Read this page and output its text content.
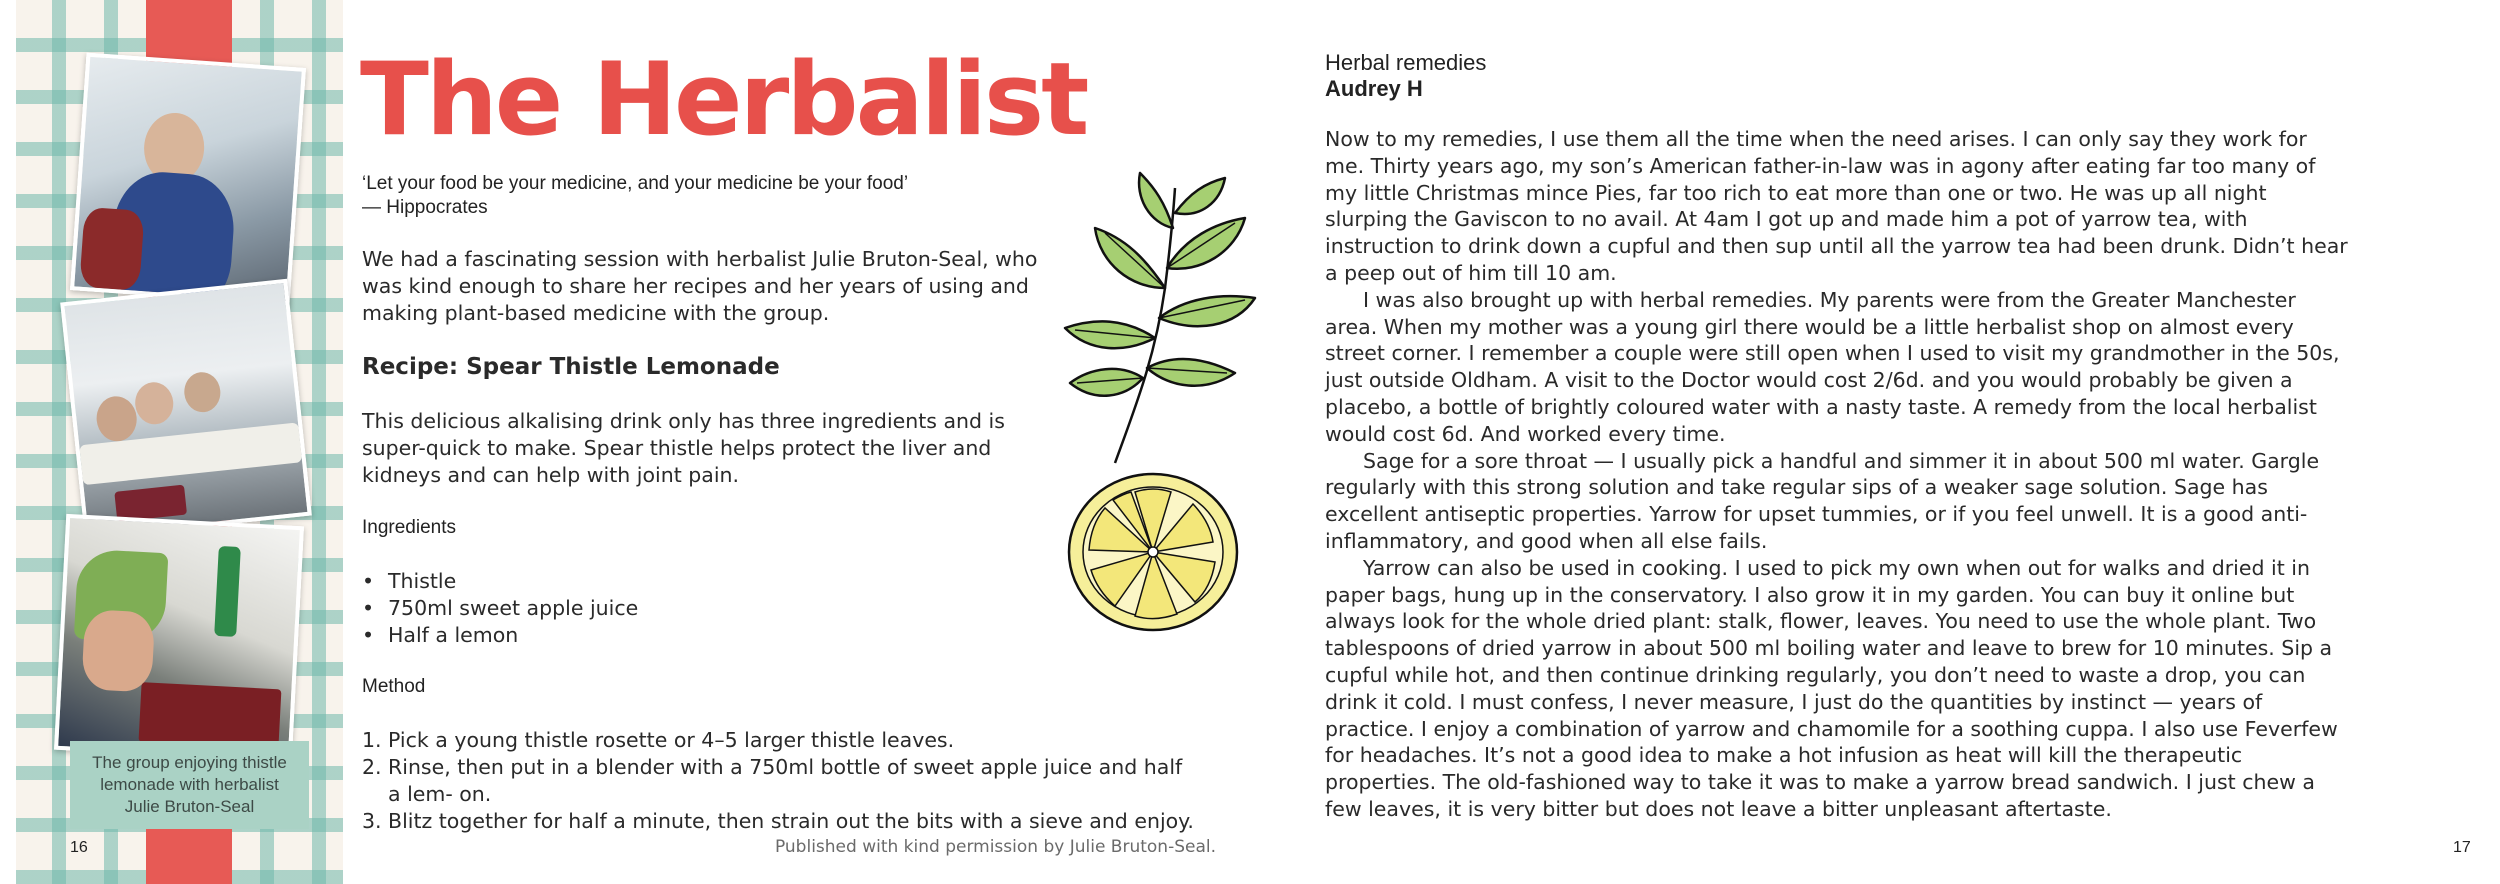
The group enjoying thistle lemonade with herbalist Julie Bruton-Seal
16
The Herbalist
‘Let your food be your medicine, and your medicine be your food’
— Hippocrates

We had a fascinating session with herbalist Julie Bruton-Seal, who was kind enough to share her recipes and her years of using and making plant-based medicine with the group.

Recipe: Spear Thistle Lemonade

This delicious alkalising drink only has three ingredients and is super-quick to make. Spear thistle helps protect the liver and kidneys and can help with joint pain.

Ingredients
• Thistle
• 750ml sweet apple juice
• Half a lemon
Method
1. Pick a young thistle rosette or 4–5 larger thistle leaves.
2. Rinse, then put in a blender with a 750ml bottle of sweet apple juice and half a lem- on.
3. Blitz together for half a minute, then strain out the bits with a sieve and enjoy.
Published with kind permission by Julie Bruton-Seal.
Herbal remedies
Audrey H

Now to my remedies, I use them all the time when the need arises. I can only say they work for me. Thirty years ago, my son’s American father-in-law was in agony after eating far too many of my little Christmas mince Pies, far too rich to eat more than one or two. He was up all night slurping the Gaviscon to no avail. At 4am I got up and made him a pot of yarrow tea, with instruction to drink down a cupful and then sup until all the yarrow tea had been drunk. Didn’t hear a peep out of him till 10 am.

I was also brought up with herbal remedies. My parents were from the Greater Manchester area. When my mother was a young girl there would be a little herbalist shop on almost every street corner. I remember a couple were still open when I used to visit my grandmother in the 50s, just outside Oldham. A visit to the Doctor would cost 2/6d. and you would probably be given a placebo, a bottle of brightly coloured water with a nasty taste. A remedy from the local herbalist would cost 6d. And worked every time.

Sage for a sore throat — I usually pick a handful and simmer it in about 500 ml water. Gargle regularly with this strong solution and take regular sips of a weaker sage solution. Sage has excellent antiseptic properties. Yarrow for upset tummies, or if you feel unwell. It is a good anti-inflammatory, and good when all else fails.

Yarrow can also be used in cooking. I used to pick my own when out for walks and dried it in paper bags, hung up in the conservatory. I also grow it in my garden. You can buy it online but always look for the whole dried plant: stalk, flower, leaves. You need to use the whole plant. Two tablespoons of dried yarrow in about 500 ml boiling water and leave to brew for 10 minutes. Sip a cupful while hot, and then continue drinking regularly, you don’t need to waste a drop, you can drink it cold. I must confess, I never measure, I just do the quantities by instinct — years of practice. I enjoy a combination of yarrow and chamomile for a soothing cuppa. I also use Feverfew for headaches. It’s not a good idea to make a hot infusion as heat will kill the therapeutic properties. The old-fashioned way to take it was to make a yarrow bread sandwich. I just chew a few leaves, it is very bitter but does not leave a bitter unpleasant aftertaste.

17
